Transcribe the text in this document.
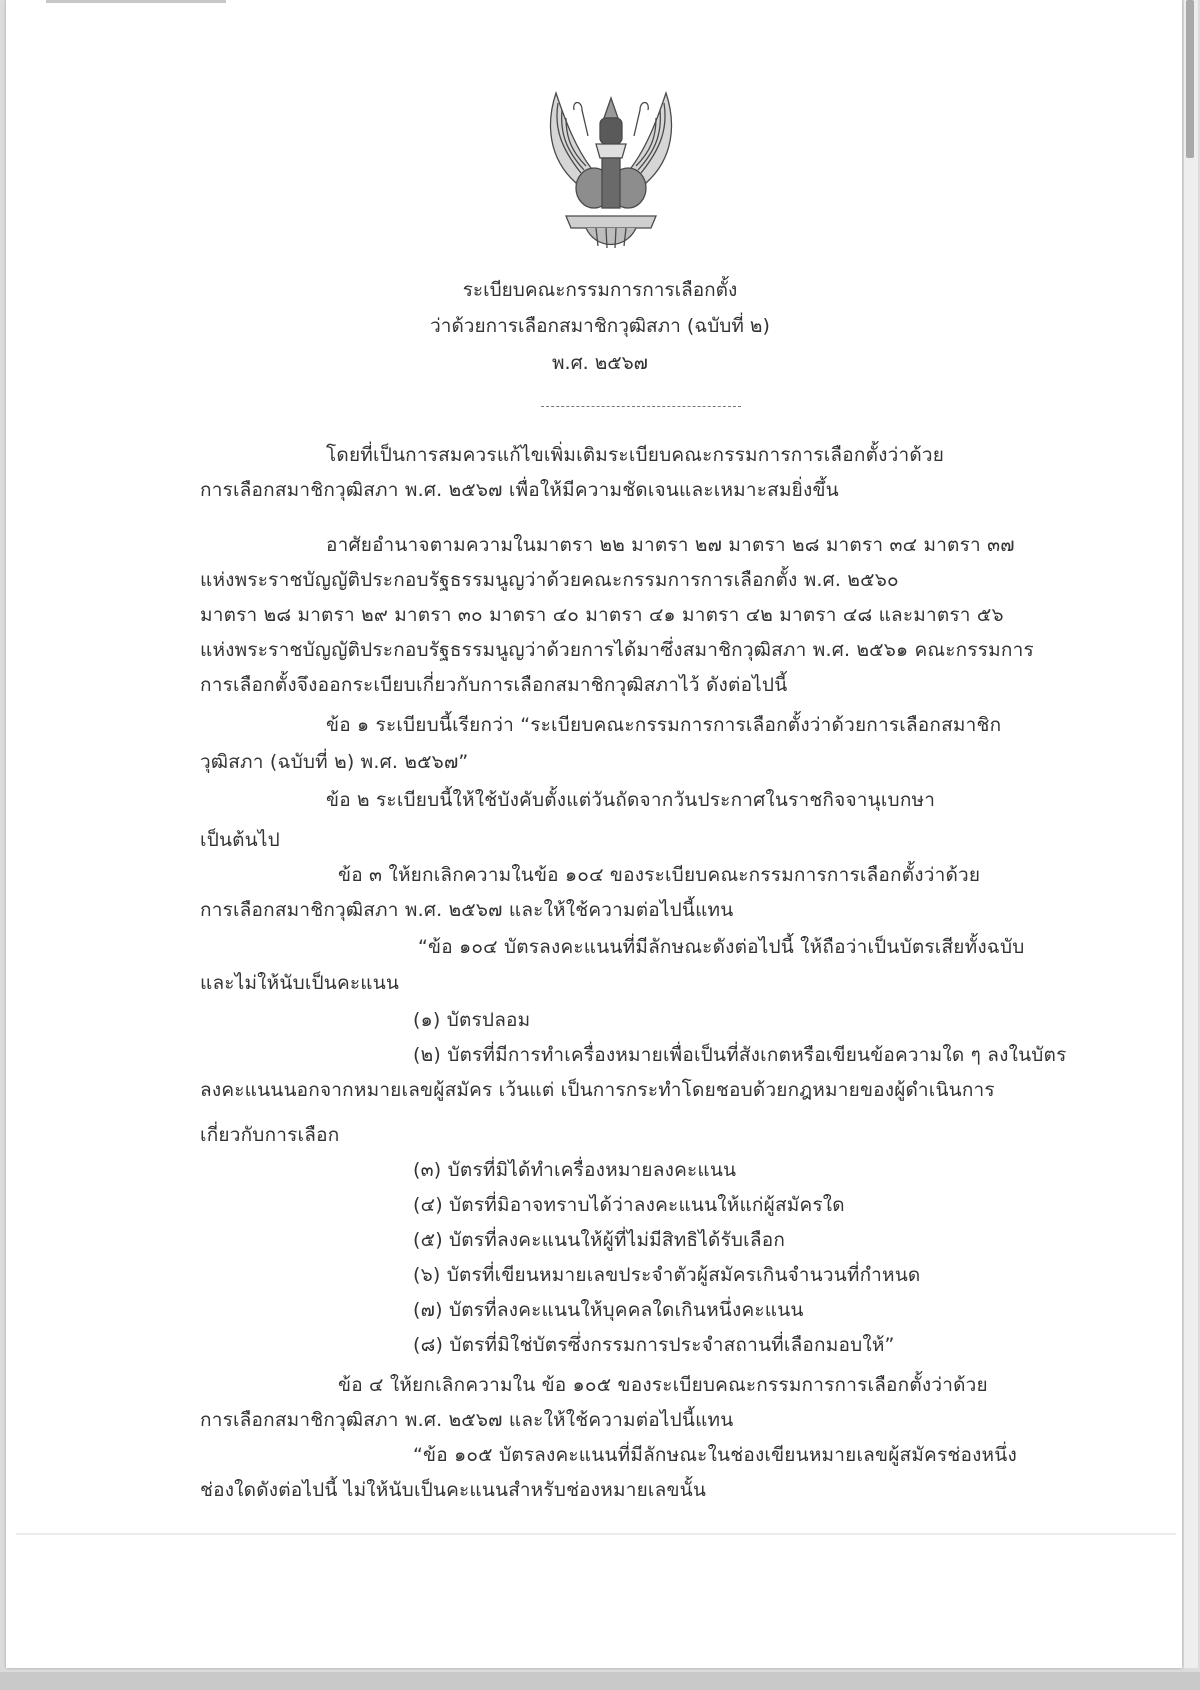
ระเบียบคณะกรรมการการเลือกตั้ง
ว่าด้วยการเลือกสมาชิกวุฒิสภา (ฉบับที่ ๒)
พ.ศ. ๒๕๖๗
โดยที่เป็นการสมควรแก้ไขเพิ่มเติมระเบียบคณะกรรมการการเลือกตั้งว่าด้วย
การเลือกสมาชิกวุฒิสภา พ.ศ. ๒๕๖๗ เพื่อให้มีความชัดเจนและเหมาะสมยิ่งขึ้น
อาศัยอำนาจตามความในมาตรา ๒๒ มาตรา ๒๗ มาตรา ๒๘ มาตรา ๓๔ มาตรา ๓๗
แห่งพระราชบัญญัติประกอบรัฐธรรมนูญว่าด้วยคณะกรรมการการเลือกตั้ง พ.ศ. ๒๕๖๐
มาตรา ๒๘ มาตรา ๒๙ มาตรา ๓๐ มาตรา ๔๐ มาตรา ๔๑ มาตรา ๔๒ มาตรา ๔๘ และมาตรา ๕๖
แห่งพระราชบัญญัติประกอบรัฐธรรมนูญว่าด้วยการได้มาซึ่งสมาชิกวุฒิสภา พ.ศ. ๒๕๖๑ คณะกรรมการ
การเลือกตั้งจึงออกระเบียบเกี่ยวกับการเลือกสมาชิกวุฒิสภาไว้ ดังต่อไปนี้
ข้อ ๑ ระเบียบนี้เรียกว่า “ระเบียบคณะกรรมการการเลือกตั้งว่าด้วยการเลือกสมาชิก
วุฒิสภา (ฉบับที่ ๒) พ.ศ. ๒๕๖๗”
ข้อ ๒ ระเบียบนี้ให้ใช้บังคับตั้งแต่วันถัดจากวันประกาศในราชกิจจานุเบกษา
เป็นต้นไป
ข้อ ๓ ให้ยกเลิกความในข้อ ๑๐๔ ของระเบียบคณะกรรมการการเลือกตั้งว่าด้วย
การเลือกสมาชิกวุฒิสภา พ.ศ. ๒๕๖๗ และให้ใช้ความต่อไปนี้แทน
“ข้อ ๑๐๔ บัตรลงคะแนนที่มีลักษณะดังต่อไปนี้ ให้ถือว่าเป็นบัตรเสียทั้งฉบับ
และไม่ให้นับเป็นคะแนน
(๑) บัตรปลอม
(๒) บัตรที่มีการทำเครื่องหมายเพื่อเป็นที่สังเกตหรือเขียนข้อความใด ๆ ลงในบัตร
ลงคะแนนนอกจากหมายเลขผู้สมัคร เว้นแต่ เป็นการกระทำโดยชอบด้วยกฎหมายของผู้ดำเนินการ
เกี่ยวกับการเลือก
(๓) บัตรที่มิได้ทำเครื่องหมายลงคะแนน
(๔) บัตรที่มิอาจทราบได้ว่าลงคะแนนให้แก่ผู้สมัครใด
(๕) บัตรที่ลงคะแนนให้ผู้ที่ไม่มีสิทธิได้รับเลือก
(๖) บัตรที่เขียนหมายเลขประจำตัวผู้สมัครเกินจำนวนที่กำหนด
(๗) บัตรที่ลงคะแนนให้บุคคลใดเกินหนึ่งคะแนน
(๘) บัตรที่มิใช่บัตรซึ่งกรรมการประจำสถานที่เลือกมอบให้”
ข้อ ๔ ให้ยกเลิกความใน ข้อ ๑๐๕ ของระเบียบคณะกรรมการการเลือกตั้งว่าด้วย
การเลือกสมาชิกวุฒิสภา พ.ศ. ๒๕๖๗ และให้ใช้ความต่อไปนี้แทน
“ข้อ ๑๐๕ บัตรลงคะแนนที่มีลักษณะในช่องเขียนหมายเลขผู้สมัครช่องหนึ่ง
ช่องใดดังต่อไปนี้ ไม่ให้นับเป็นคะแนนสำหรับช่องหมายเลขนั้น
